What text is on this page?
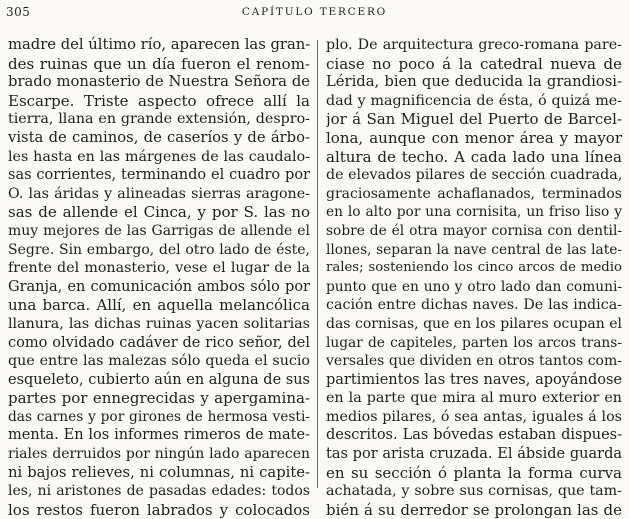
305	CAPÍTULO TERCERO
madre del último río, aparecen las gran-
des ruinas que un día fueron el renom-
brado monasterio de Nuestra Señora de
Escarpe. Triste aspecto ofrece allí la
tierra, llana en grande extensión, despro-
vista de caminos, de caseríos y de árbo-
les hasta en las márgenes de las caudalo-
sas corrientes, terminando el cuadro por
O. las áridas y alineadas sierras aragone-
sas de allende el Cinca, y por S. las no
muy mejores de las Garrigas de allende el
Segre. Sin embargo, del otro lado de éste,
frente del monasterio, vese el lugar de la
Granja, en comunicación ambos sólo por
una barca. Allí, en aquella melancólica
llanura, las dichas ruinas yacen solitarias
como olvidado cadáver de rico señor, del
que entre las malezas sólo queda el sucio
esqueleto, cubierto aún en alguna de sus
partes por ennegrecidas y apergamina-
das carnes y por girones de hermosa vesti-
menta. En los informes rimeros de mate-
riales derruidos por ningún lado aparecen
ni bajos relieves, ni columnas, ni capite-
les, ni aristones de pasadas edades: todos
los restos fueron labrados y colocados
plo. De arquitectura greco-romana pare-
ciase no poco á la catedral nueva de
Lérida, bien que deducida la grandiosi-
dad y magnificencia de ésta, ó quizá me-
jor á San Miguel del Puerto de Barcel-
lona, aunque con menor área y mayor
altura de techo. A cada lado una línea
de elevados pilares de sección cuadrada,
graciosamente achaflanados, terminados
en lo alto por una cornisita, un friso liso y
sobre de él otra mayor cornisa con dentil-
llones, separan la nave central de las late-
rales; sosteniendo los cinco arcos de medio
punto que en uno y otro lado dan comuni-
cación entre dichas naves. De las indica-
das cornisas, que en los pilares ocupan el
lugar de capiteles, parten los arcos trans-
versales que dividen en otros tantos com-
partimientos las tres naves, apoyándose
en la parte que mira al muro exterior en
medios pilares, ó sea antas, iguales á los
descritos. Las bóvedas estaban dispues-
tas por arista cruzada. El ábside guarda
en su sección ó planta la forma curva
achatada, y sobre sus cornisas, que tam-
bién á su derredor se prolongan las de
